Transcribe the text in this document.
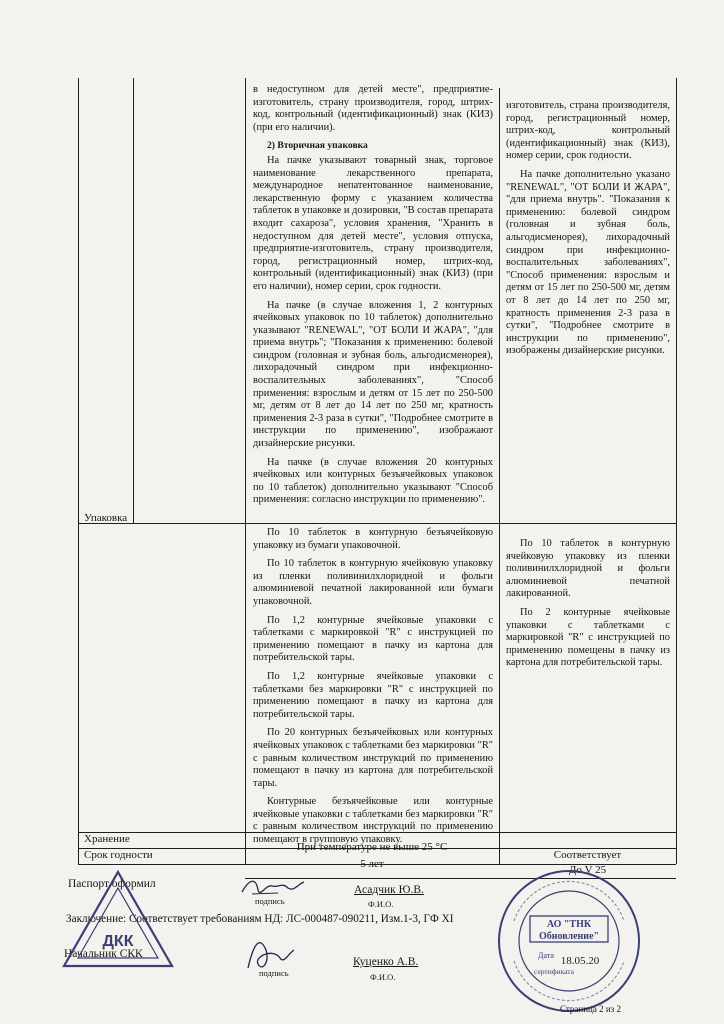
в недоступном для детей месте", предприятие-изготовитель, страну производителя, город, штрих-код, контрольный (идентификационный) знак (КИЗ) (при его наличии).

2) Вторичная упаковка

На пачке указывают товарный знак, торговое наименование лекарственного препарата, международное непатентованное наименование, лекарственную форму с указанием количества таблеток в упаковке и дозировки, "В состав препарата входит сахароза", условия хранения, "Хранить в недоступном для детей месте", условия отпуска, предприятие-изготовитель, страну производителя, город, регистрационный номер, штрих-код, контрольный (идентификационный) знак (КИЗ) (при его наличии), номер серии, срок годности.

На пачке (в случае вложения 1, 2 контурных ячейковых упаковок по 10 таблеток) дополнительно указывают "RENEWAL", "ОТ БОЛИ И ЖАРА", "для приема внутрь"; "Показания к применению: болевой синдром (головная и зубная боль, альгодисменорея), лихорадочный синдром при инфекционно-воспалительных заболеваниях", "Способ применения: взрослым и детям от 15 лет по 250-500 мг, детям от 8 лет до 14 лет по 250 мг, кратность применения 2-3 раза в сутки", "Подробнее смотрите в инструкции по применению", изображают дизайнерские рисунки.

На пачке (в случае вложения 20 контурных ячейковых или контурных безъячейковых упаковок по 10 таблеток) дополнительно указывают "Способ применения: согласно инструкции по применению".

изготовитель, страна производителя, город, регистрационный номер, штрих-код, контрольный (идентификационный) знак (КИЗ), номер серии, срок годности.

На пачке дополнительно указано "RENEWAL", "ОТ БОЛИ И ЖАРА", "для приема внутрь". "Показания к применению: болевой синдром (головная и зубная боль, альгодисменорея), лихорадочный синдром при инфекционно-воспалительных заболеваниях", "Способ применения: взрослым и детям от 15 лет по 250-500 мг, детям от 8 лет до 14 лет по 250 мг, кратность применения 2-3 раза в сутки", "Подробнее смотрите в инструкции по применению", изображены дизайнерские рисунки.

Упаковка

По 10 таблеток в контурную безъячейковую упаковку из бумаги упаковочной.

По 10 таблеток в контурную ячейковую упаковку из пленки поливинилхлоридной и фольги алюминиевой печатной лакированной или бумаги упаковочной.

По 1,2 контурные ячейковые упаковки с таблетками с маркировкой "R" с инструкцией по применению помещают в пачку из картона для потребительской тары.

По 1,2 контурные ячейковые упаковки с таблетками без маркировки "R" с инструкцией по применению помещают в пачку из картона для потребительской тары.

По 20 контурных безъячейковых или контурных ячейковых упаковок с таблетками без маркировки "R" с равным количеством инструкций по применению помещают в пачку из картона для потребительской тары.

Контурные безъячейковые или контурные ячейковые упаковки с таблетками без маркировки "R" с равным количеством инструкций по применению помещают в групповую упаковку.

По 10 таблеток в контурную ячейковую упаковку из пленки поливинилхлоридной и фольги алюминиевой печатной лакированной.

По 2 контурные ячейковые упаковки с таблетками с маркировкой "R" с инструкцией по применению помещены в пачку из картона для потребительской тары.

Хранение
При температуре не выше 25 °С
Соответствует
Срок годности
5 лет	До V 25
Паспорт оформил
подпись
Асадчик Ю.В.
Ф.И.О.
Заключение: Соответствует требованиям НД: ЛС-000487-090211, Изм.1-3, ГФ XI
Начальник СКК
подпись
Куценко А.В.
Ф.И.О.
ДКК
АО "ТНК
Обновление"
Дата 18.05.20
сертификата
Страница 2 из 2
